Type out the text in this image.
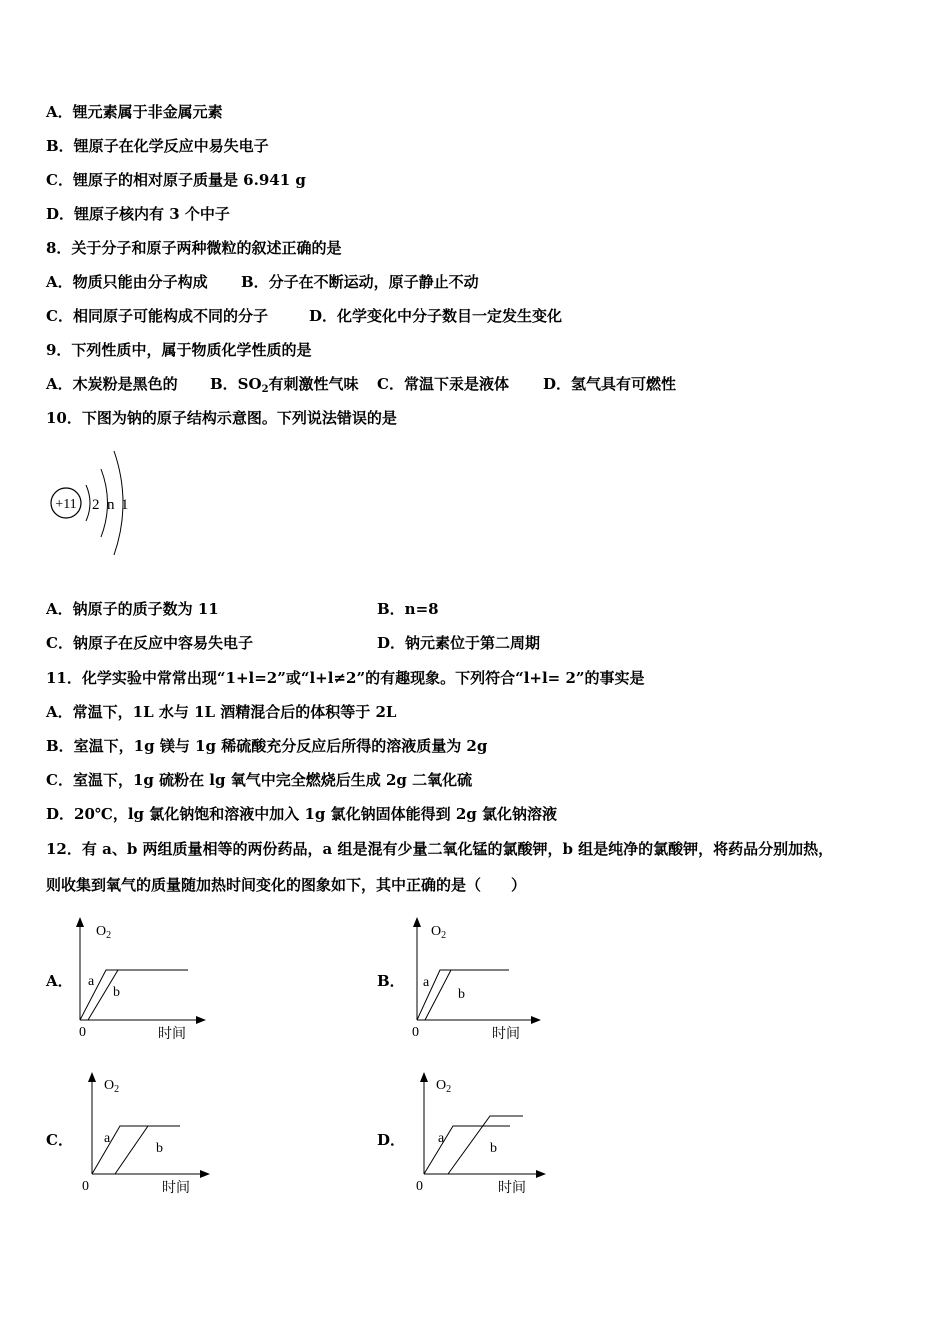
A．锂元素属于非金属元素
B．锂原子在化学反应中易失电子
C．锂原子的相对原子质量是 6.941 g
D．锂原子核内有 3 个中子
8．关于分子和原子两种微粒的叙述正确的是
A．物质只能由分子构成 B．分子在不断运动，原子静止不动
C．相同原子可能构成不同的分子	D．化学变化中分子数目一定发生变化
9．下列性质中，属于物质化学性质的是
A．木炭粉是黑色的 B．$SO_2$有刺激性气味 C．常温下汞是液体 D．氢气具有可燃性
10．下图为钠的原子结构示意图。下列说法错误的是
+11 2 n 1
A．钠原子的质子数为 11	B．n=8
C．钠原子在反应中容易失电子	D．钠元素位于第二周期
11．化学实验中常常出现“1+l=2”或“l+l≠2”的有趣现象。下列符合“l+l= 2”的事实是
A．常温下，1L 水与 1L 酒精混合后的体积等于 2L
B．室温下，1g 镁与 1g 稀硫酸充分反应后所得的溶液质量为 2g
C．室温下，1g 硫粉在 lg 氧气中完全燃烧后生成 2g 二氧化硫
D．20℃，lg 氯化钠饱和溶液中加入 1g 氯化钠固体能得到 2g 氯化钠溶液
12．有 a、b 两组质量相等的两份药品，a 组是混有少量二氧化锰的氯酸钾，b 组是纯净的氯酸钾，将药品分别加热，
则收集到氧气的质量随加热时间变化的图象如下，其中正确的是（　　）
A．
$O_2$
0	时间
a
b
B．
$O_2$
0	时间
a
b
C．
$O_2$
0	时间
a
b	D．
$O_2$
0	时间
a
b
